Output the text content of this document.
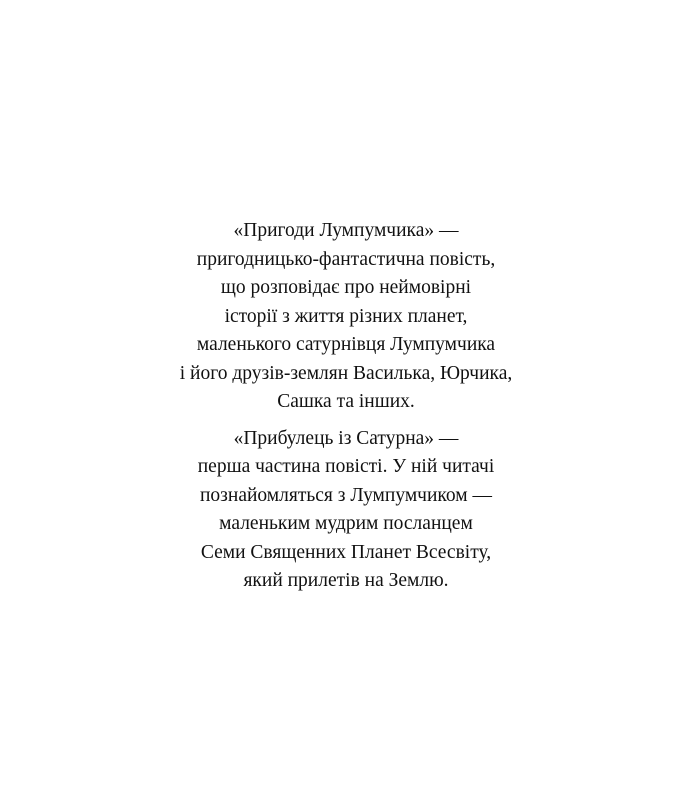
«Пригоди Лумпумчика» —
пригодницько-фантастична повість,
що розповідає про неймовірні
історії з життя різних планет,
маленького сатурнівця Лумпумчика
і його друзів-землян Василька, Юрчика,
Сашка та інших.

«Прибулець із Сатурна» —
перша частина повісті. У ній читачі
познайомляться з Лумпумчиком —
маленьким мудрим посланцем
Семи Священних Планет Всесвіту,
який прилетів на Землю.
